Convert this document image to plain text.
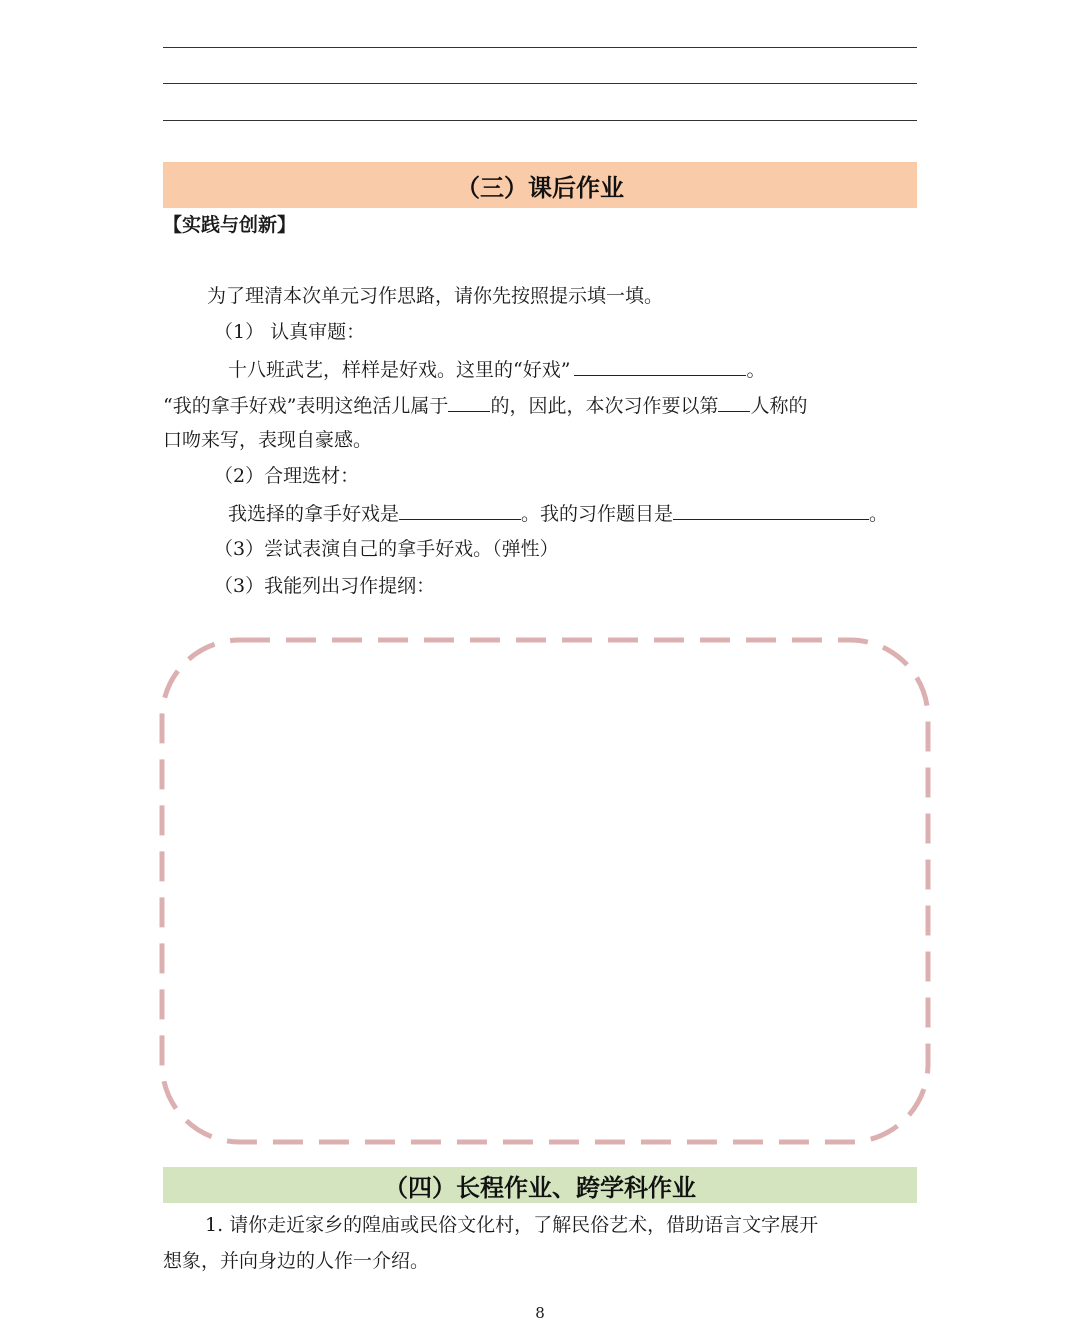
（三）课后作业
【实践与创新】
为了理清本次单元习作思路，请你先按照提示填一填。
（1） 认真审题：
十八班武艺，样样是好戏。这里的“好戏”	。
“我的拿手好戏”表明这绝活儿属于 的，因此，本次习作要以第 人称的
口吻来写，表现自豪感。
（2）合理选材：
我选择的拿手好戏是	。我的习作题目是	。
（3）尝试表演自己的拿手好戏。（弹性）
（3）我能列出习作提纲：
（四）长程作业、跨学科作业
1. 请你走近家乡的隍庙或民俗文化村，了解民俗艺术，借助语言文字展开
想象，并向身边的人作一介绍。
8
